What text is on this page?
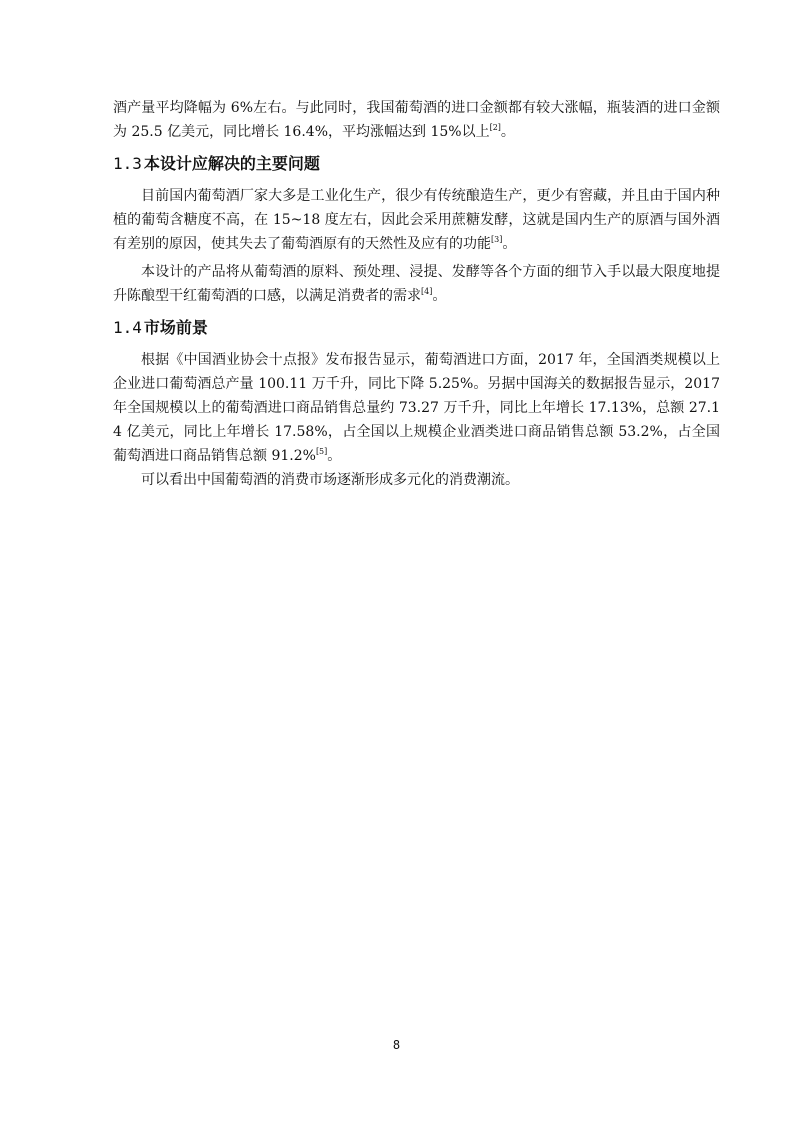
酒产量平均降幅为 6%左右。与此同时，我国葡萄酒的进口金额都有较大涨幅，瓶装酒的进口金额为 25.5 亿美元，同比增长 16.4%，平均涨幅达到 15%以上[2]。

1.3 本设计应解决的主要问题

目前国内葡萄酒厂家大多是工业化生产，很少有传统酿造生产，更少有窖藏，并且由于国内种植的葡萄含糖度不高，在 15~18 度左右，因此会采用蔗糖发酵，这就是国内生产的原酒与国外酒有差别的原因，使其失去了葡萄酒原有的天然性及应有的功能[3]。

本设计的产品将从葡萄酒的原料、预处理、浸提、发酵等各个方面的细节入手以最大限度地提升陈酿型干红葡萄酒的口感，以满足消费者的需求[4]。

1.4 市场前景

根据《中国酒业协会十点报》发布报告显示，葡萄酒进口方面，2017 年，全国酒类规模以上企业进口葡萄酒总产量 100.11 万千升，同比下降 5.25%。另据中国海关的数据报告显示，2017 年全国规模以上的葡萄酒进口商品销售总量约 73.27 万千升，同比上年增长 17.13%，总额 27.14 亿美元，同比上年增长 17.58%，占全国以上规模企业酒类进口商品销售总额 53.2%，占全国葡萄酒进口商品销售总额 91.2%[5]。

可以看出中国葡萄酒的消费市场逐渐形成多元化的消费潮流。

8
